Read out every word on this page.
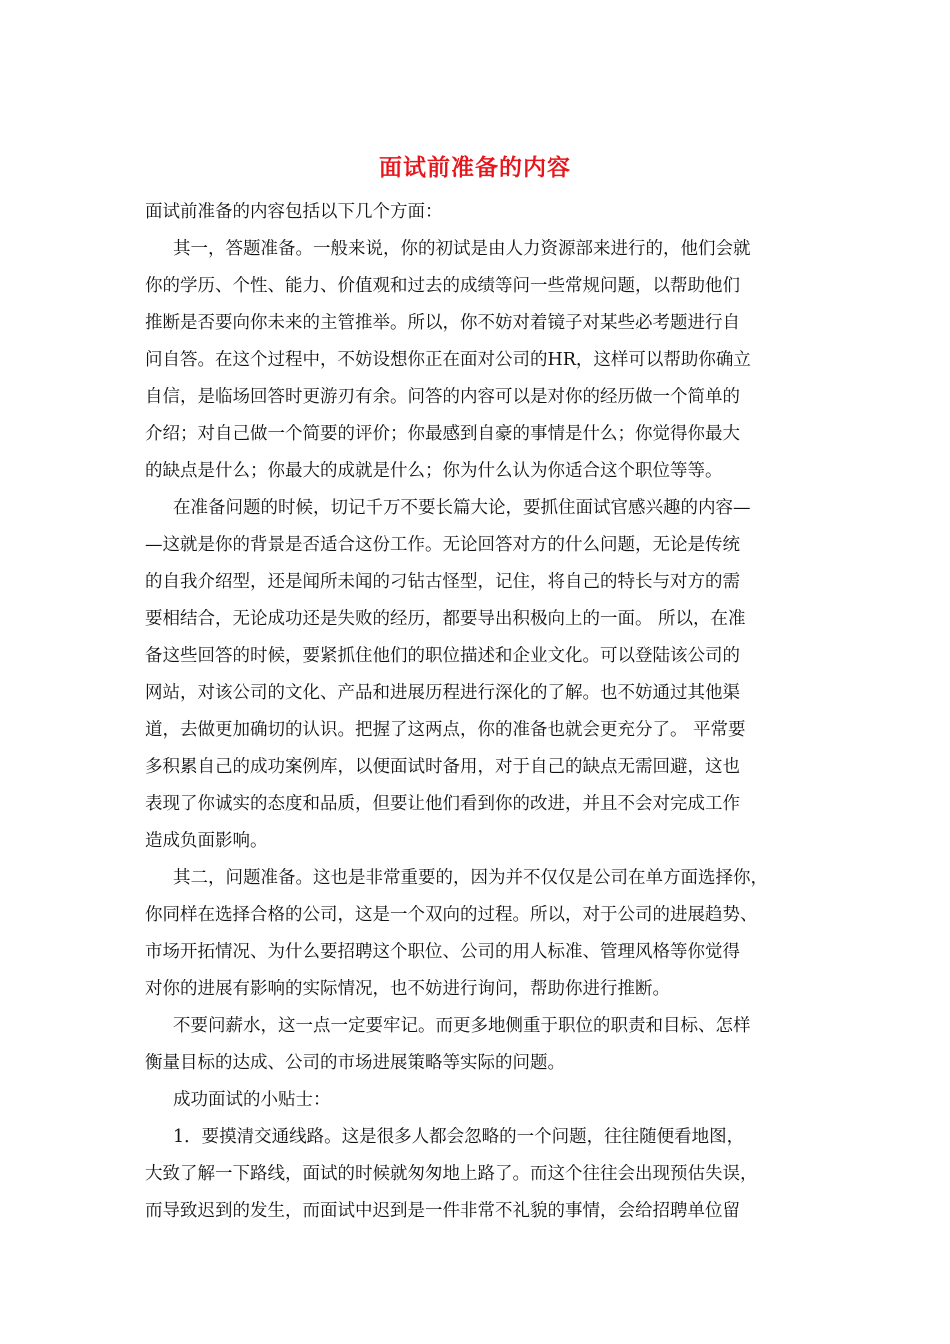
面试前准备的内容
面试前准备的内容包括以下几个方面：
其一，答题准备。一般来说，你的初试是由人力资源部来进行的，他们会就
你的学历、个性、能力、价值观和过去的成绩等问一些常规问题，以帮助他们
推断是否要向你未来的主管推举。所以，你不妨对着镜子对某些必考题进行自
问自答。在这个过程中，不妨设想你正在面对公司的HR，这样可以帮助你确立
自信，是临场回答时更游刃有余。问答的内容可以是对你的经历做一个简单的
介绍；对自己做一个简要的评价；你最感到自豪的事情是什么；你觉得你最大
的缺点是什么；你最大的成就是什么；你为什么认为你适合这个职位等等。
在准备问题的时候，切记千万不要长篇大论，要抓住面试官感兴趣的内容—
—这就是你的背景是否适合这份工作。无论回答对方的什么问题，无论是传统
的自我介绍型，还是闻所未闻的刁钻古怪型，记住，将自己的特长与对方的需
要相结合，无论成功还是失败的经历，都要导出积极向上的一面。 所以，在准
备这些回答的时候，要紧抓住他们的职位描述和企业文化。可以登陆该公司的
网站，对该公司的文化、产品和进展历程进行深化的了解。也不妨通过其他渠
道，去做更加确切的认识。把握了这两点，你的准备也就会更充分了。 平常要
多积累自己的成功案例库，以便面试时备用，对于自己的缺点无需回避，这也
表现了你诚实的态度和品质，但要让他们看到你的改进，并且不会对完成工作
造成负面影响。
其二，问题准备。这也是非常重要的，因为并不仅仅是公司在单方面选择你，
你同样在选择合格的公司，这是一个双向的过程。所以，对于公司的进展趋势、
市场开拓情况、为什么要招聘这个职位、公司的用人标准、管理风格等你觉得
对你的进展有影响的实际情况，也不妨进行询问，帮助你进行推断。
不要问薪水，这一点一定要牢记。而更多地侧重于职位的职责和目标、怎样
衡量目标的达成、公司的市场进展策略等实际的问题。
成功面试的小贴士：
1．要摸清交通线路。这是很多人都会忽略的一个问题，往往随便看地图，
大致了解一下路线，面试的时候就匆匆地上路了。而这个往往会出现预估失误，
而导致迟到的发生，而面试中迟到是一件非常不礼貌的事情，会给招聘单位留
